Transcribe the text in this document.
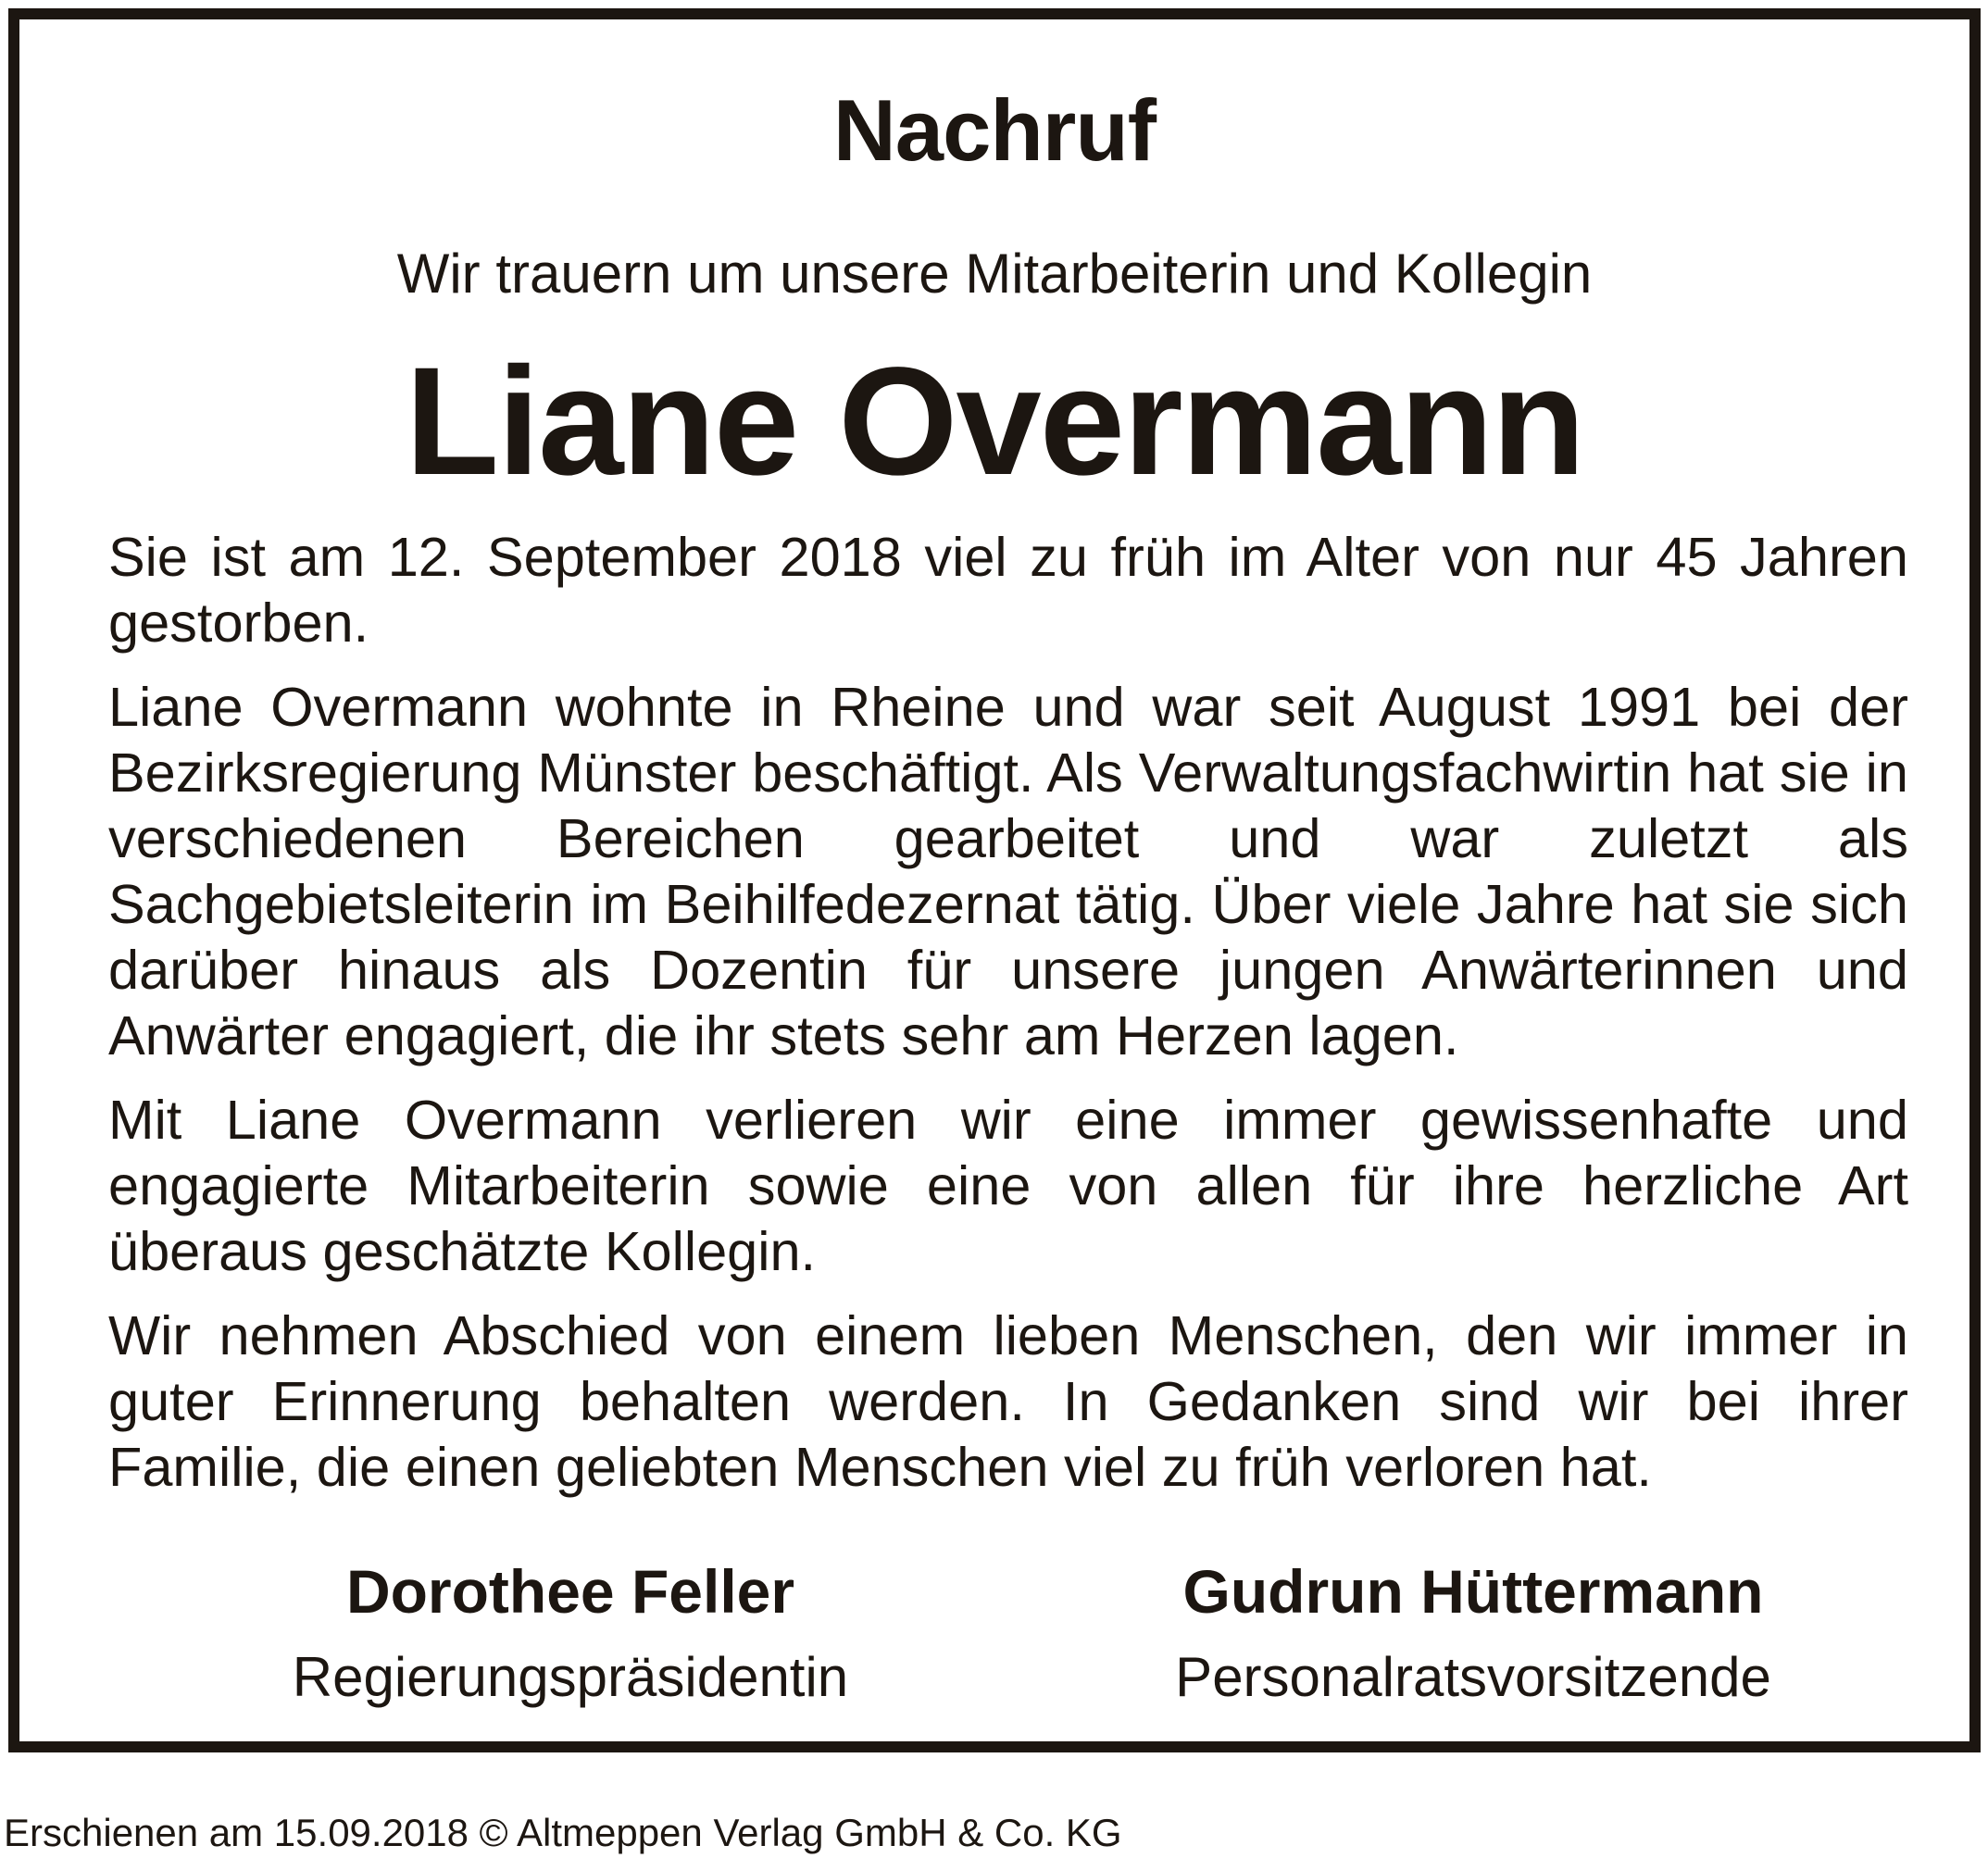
Nachruf
Wir trauern um unsere Mitarbeiterin und Kollegin
Liane Overmann

Sie ist am 12. September 2018 viel zu früh im Alter von nur 45 Jahren gestorben.

Liane Overmann wohnte in Rheine und war seit August 1991 bei der Bezirksregierung Münster beschäftigt. Als Verwaltungsfachwirtin hat sie in verschiedenen Bereichen gearbeitet und war zuletzt als Sachgebietsleiterin im Beihilfedezernat tätig. Über viele Jahre hat sie sich darüber hinaus als Dozentin für unsere jungen Anwärterinnen und Anwärter engagiert, die ihr stets sehr am Herzen lagen.

Mit Liane Overmann verlieren wir eine immer gewissenhafte und engagierte Mitarbeiterin sowie eine von allen für ihre herzliche Art überaus geschätzte Kollegin.

Wir nehmen Abschied von einem lieben Menschen, den wir immer in guter Erinnerung behalten werden. In Gedanken sind wir bei ihrer Familie, die einen geliebten Menschen viel zu früh verloren hat.

Dorothee Feller
Regierungspräsidentin
Gudrun Hüttermann
Personalratsvorsitzende
Erschienen am 15.09.2018 © Altmeppen Verlag GmbH & Co. KG
